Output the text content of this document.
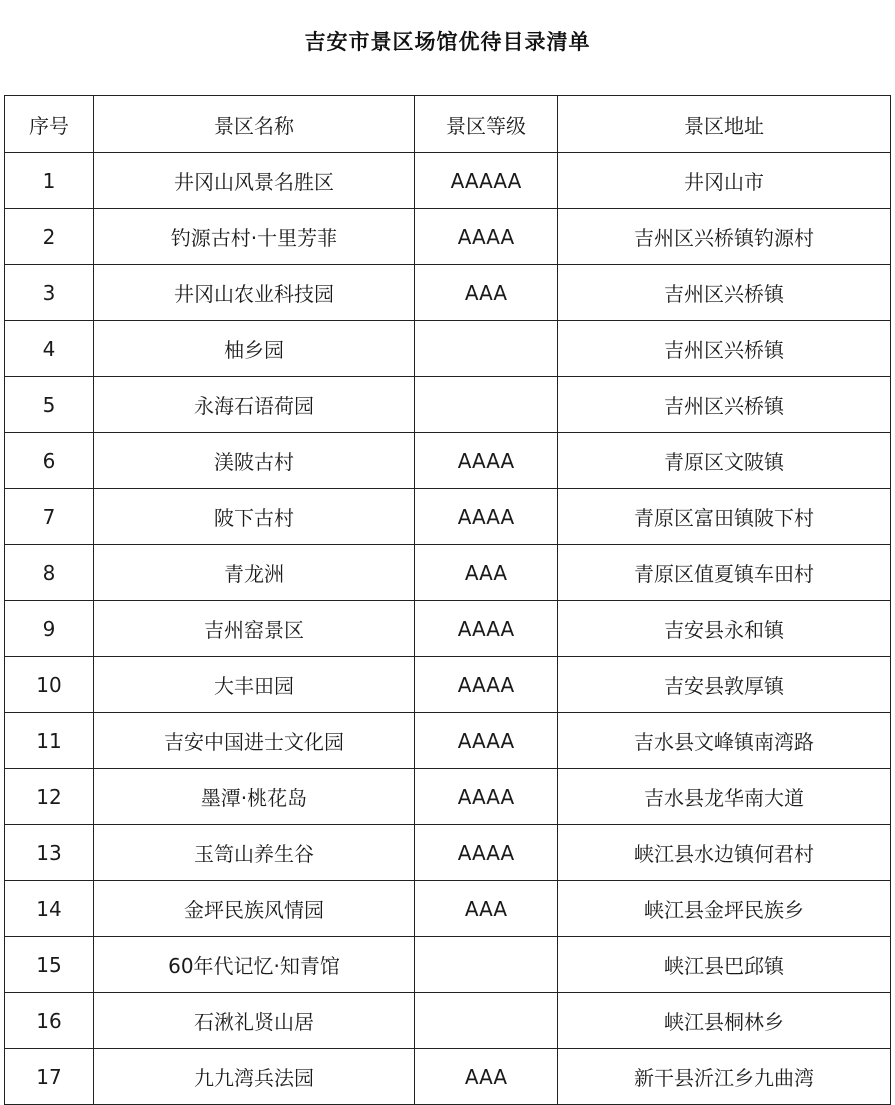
吉安市景区场馆优待目录清单
序号	景区名称	景区等级	景区地址
1	井冈山风景名胜区	AAAAA	井冈山市
2	钓源古村·十里芳菲	AAAA	吉州区兴桥镇钓源村
3	井冈山农业科技园	AAA	吉州区兴桥镇
4	柚乡园		吉州区兴桥镇
5	永海石语荷园		吉州区兴桥镇
6	渼陂古村	AAAA	青原区文陂镇
7	陂下古村	AAAA	青原区富田镇陂下村
8	青龙洲	AAA	青原区值夏镇车田村
9	吉州窑景区	AAAA	吉安县永和镇
10	大丰田园	AAAA	吉安县敦厚镇
11	吉安中国进士文化园	AAAA	吉水县文峰镇南湾路
12	墨潭·桃花岛	AAAA	吉水县龙华南大道
13	玉笥山养生谷	AAAA	峡江县水边镇何君村
14	金坪民族风情园	AAA	峡江县金坪民族乡
15	60年代记忆·知青馆		峡江县巴邱镇
16	石湫礼贤山居		峡江县桐林乡
17	九九湾兵法园	AAA	新干县沂江乡九曲湾
